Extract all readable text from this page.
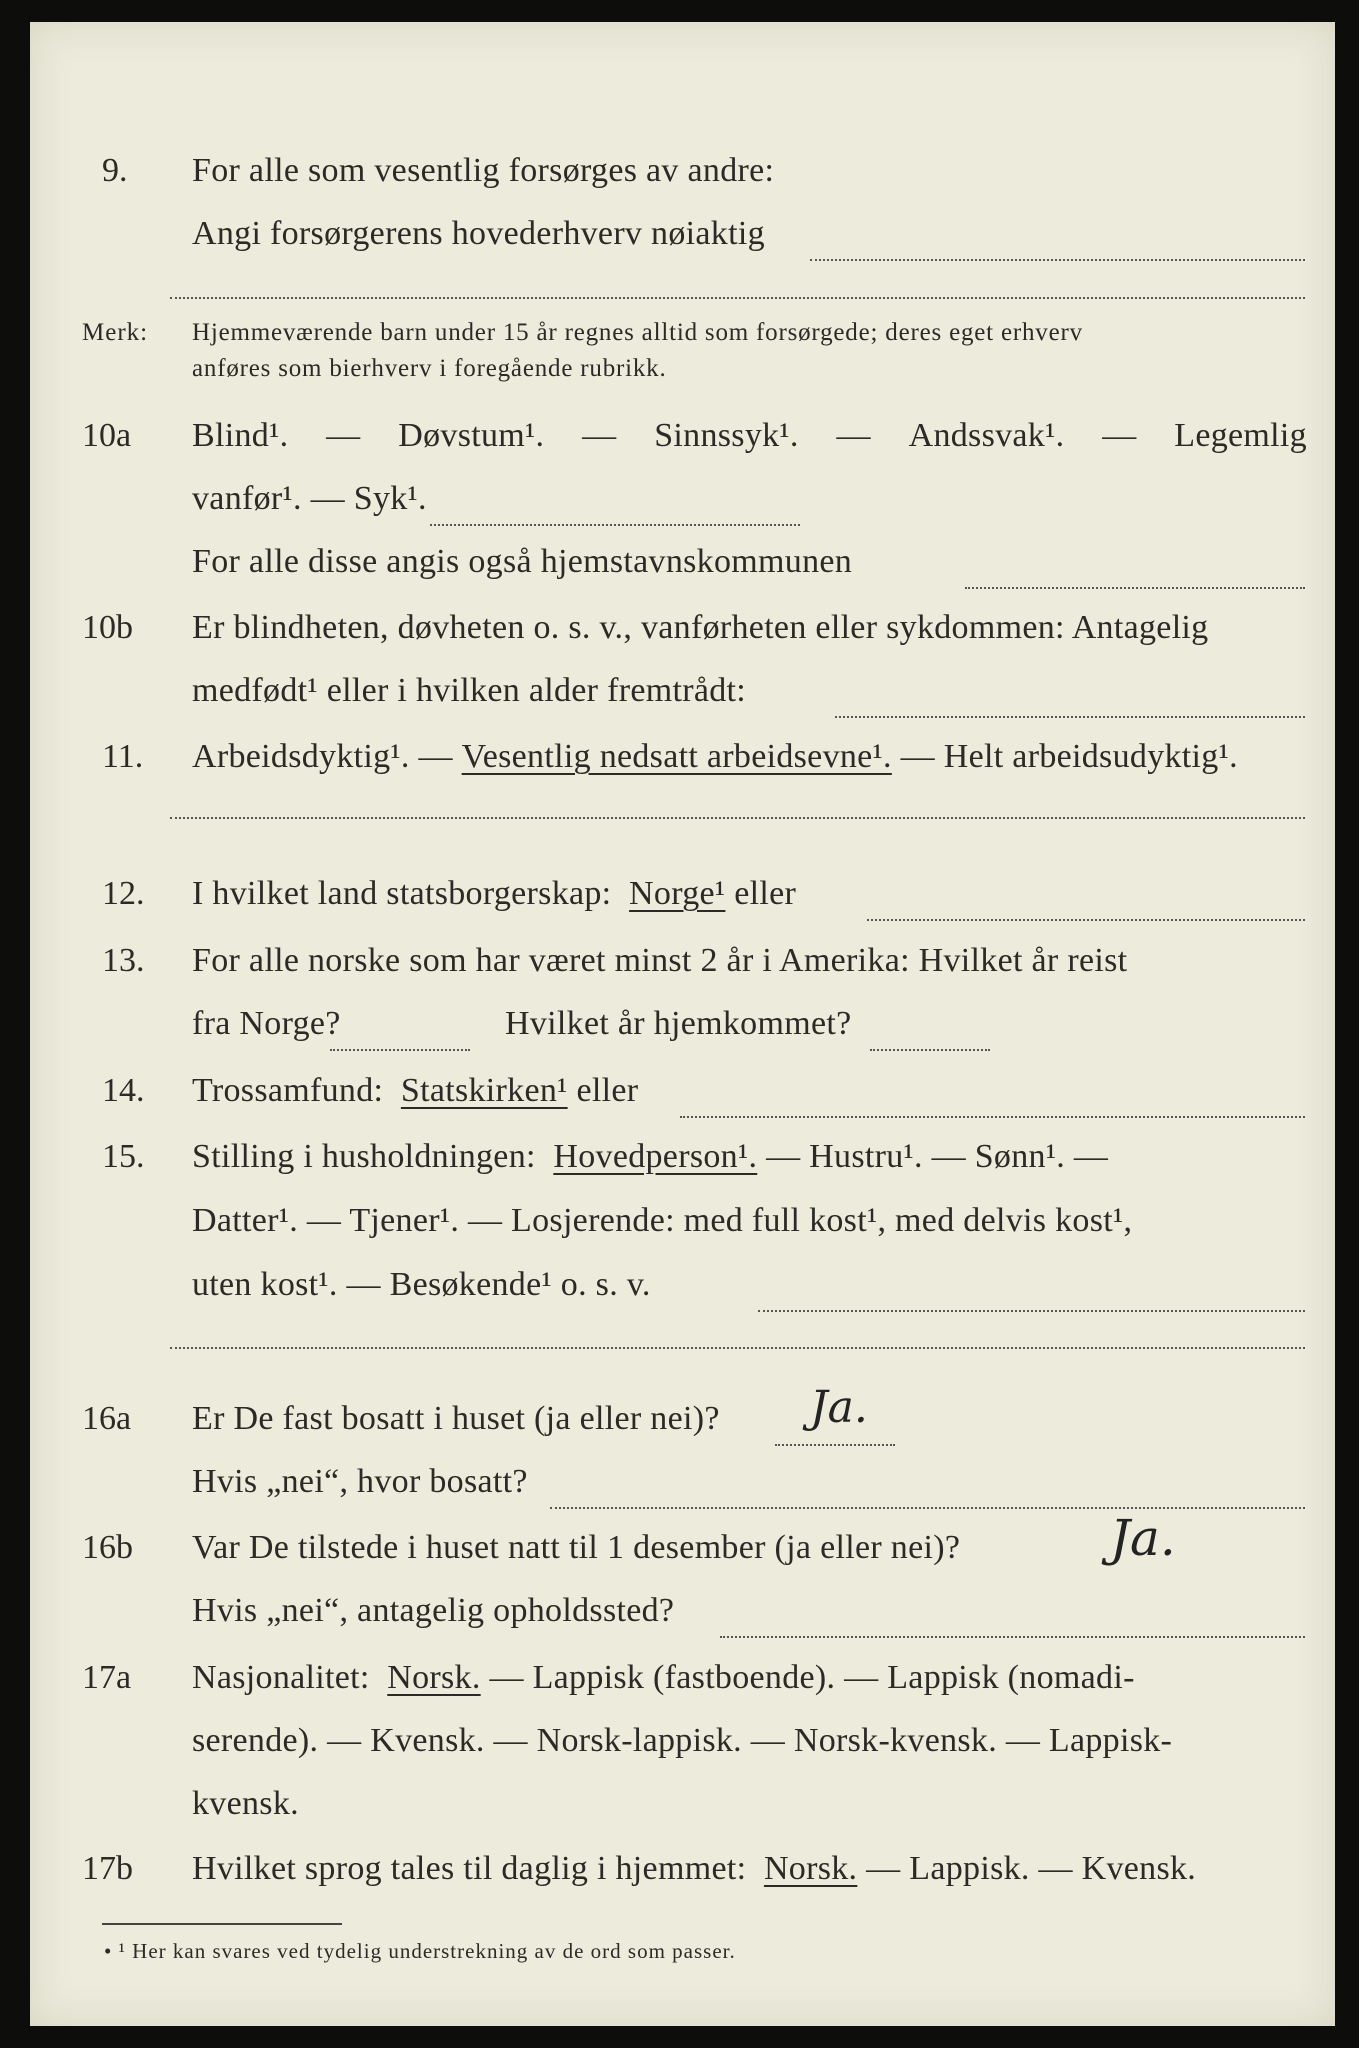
9. For alle som vesentlig forsørges av andre:
Angi forsørgerens hovederhverv nøiaktig
Merk: Hjemmeværende barn under 15 år regnes alltid som forsørgede; deres eget erhverv
anføres som bierhverv i foregående rubrikk.
10a Blind¹. — Døvstum¹. — Sinnssyk¹. — Andssvak¹. — Legemlig
vanfør¹. — Syk¹.
For alle disse angis også hjemstavnskommunen
10b Er blindheten, døvheten o. s. v., vanførheten eller sykdommen: Antagelig
medfødt¹ eller i hvilken alder fremtrådt:
11. Arbeidsdyktig¹. — Vesentlig nedsatt arbeidsevne¹. — Helt arbeidsudyktig¹.
12. I hvilket land statsborgerskap: Norge¹ eller
13. For alle norske som har været minst 2 år i Amerika: Hvilket år reist
fra Norge?	Hvilket år hjemkommet?
14. Trossamfund: Statskirken¹ eller
15. Stilling i husholdningen: Hovedperson¹. — Hustru¹. — Sønn¹. —
Datter¹. — Tjener¹. — Losjerende: med full kost¹, med delvis kost¹,
uten kost¹. — Besøkende¹ o. s. v.
16a Er De fast bosatt i huset (ja eller nei)? Ja.
Hvis „nei“, hvor bosatt?
16b Var De tilstede i huset natt til 1 desember (ja eller nei)?	Ja.
Hvis „nei“, antagelig opholdssted?
17a Nasjonalitet: Norsk. — Lappisk (fastboende). — Lappisk (nomadi-
serende). — Kvensk. — Norsk-lappisk. — Norsk-kvensk. — Lappisk-
kvensk.
17b Hvilket sprog tales til daglig i hjemmet: Norsk. — Lappisk. — Kvensk.
• ¹ Her kan svares ved tydelig understrekning av de ord som passer.
